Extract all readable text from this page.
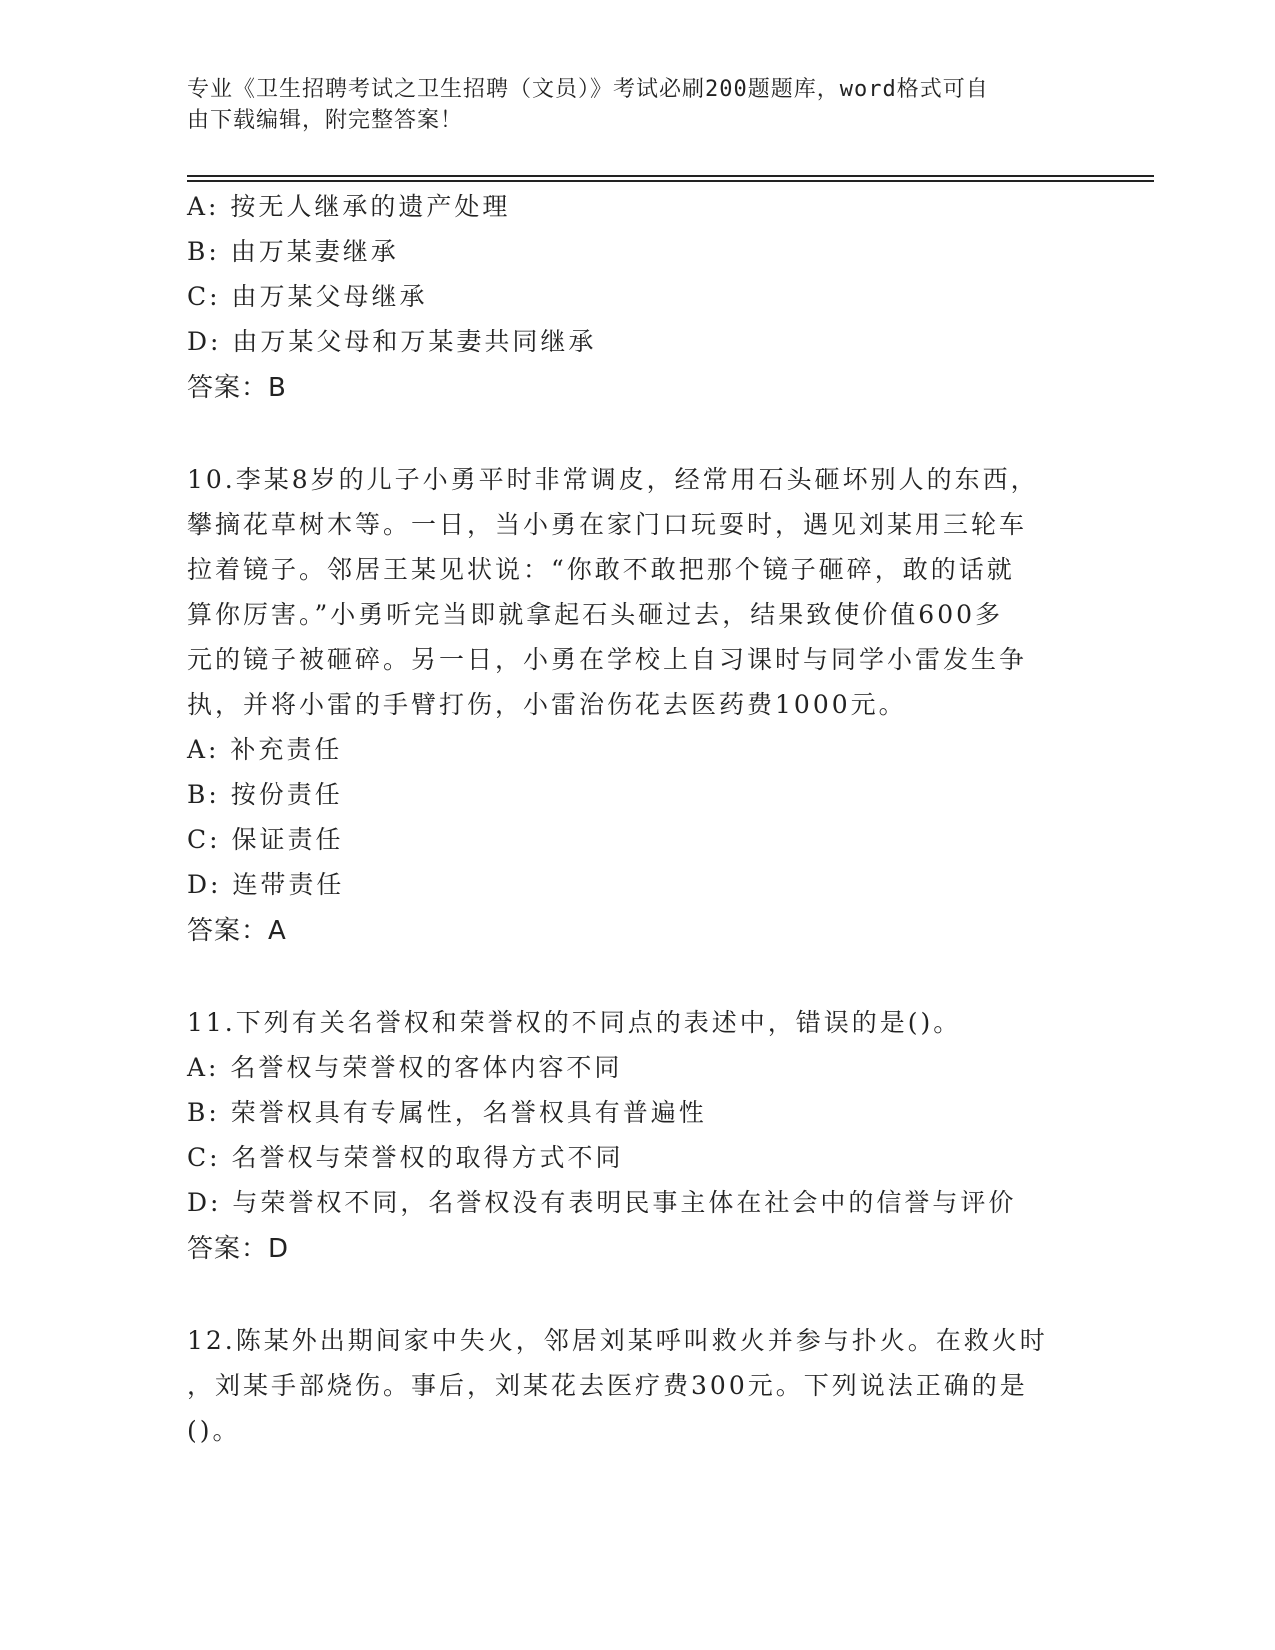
专业《卫生招聘考试之卫生招聘（文员）》考试必刷200题题库，word格式可自
由下载编辑，附完整答案！
A: 按无人继承的遗产处理
B: 由万某妻继承
C: 由万某父母继承
D: 由万某父母和万某妻共同继承
答案：B
10.李某8岁的儿子小勇平时非常调皮，经常用石头砸坏别人的东西，
攀摘花草树木等。一日，当小勇在家门口玩耍时，遇见刘某用三轮车
拉着镜子。邻居王某见状说：“你敢不敢把那个镜子砸碎，敢的话就
算你厉害。”小勇听完当即就拿起石头砸过去，结果致使价值600多
元的镜子被砸碎。另一日，小勇在学校上自习课时与同学小雷发生争
执，并将小雷的手臂打伤，小雷治伤花去医药费1000元。
A: 补充责任
B: 按份责任
C: 保证责任
D: 连带责任
答案：A
11.下列有关名誉权和荣誉权的不同点的表述中，错误的是()。
A: 名誉权与荣誉权的客体内容不同
B: 荣誉权具有专属性，名誉权具有普遍性
C: 名誉权与荣誉权的取得方式不同
D: 与荣誉权不同，名誉权没有表明民事主体在社会中的信誉与评价
答案：D
12.陈某外出期间家中失火，邻居刘某呼叫救火并参与扑火。在救火时
，刘某手部烧伤。事后，刘某花去医疗费300元。下列说法正确的是
()。
